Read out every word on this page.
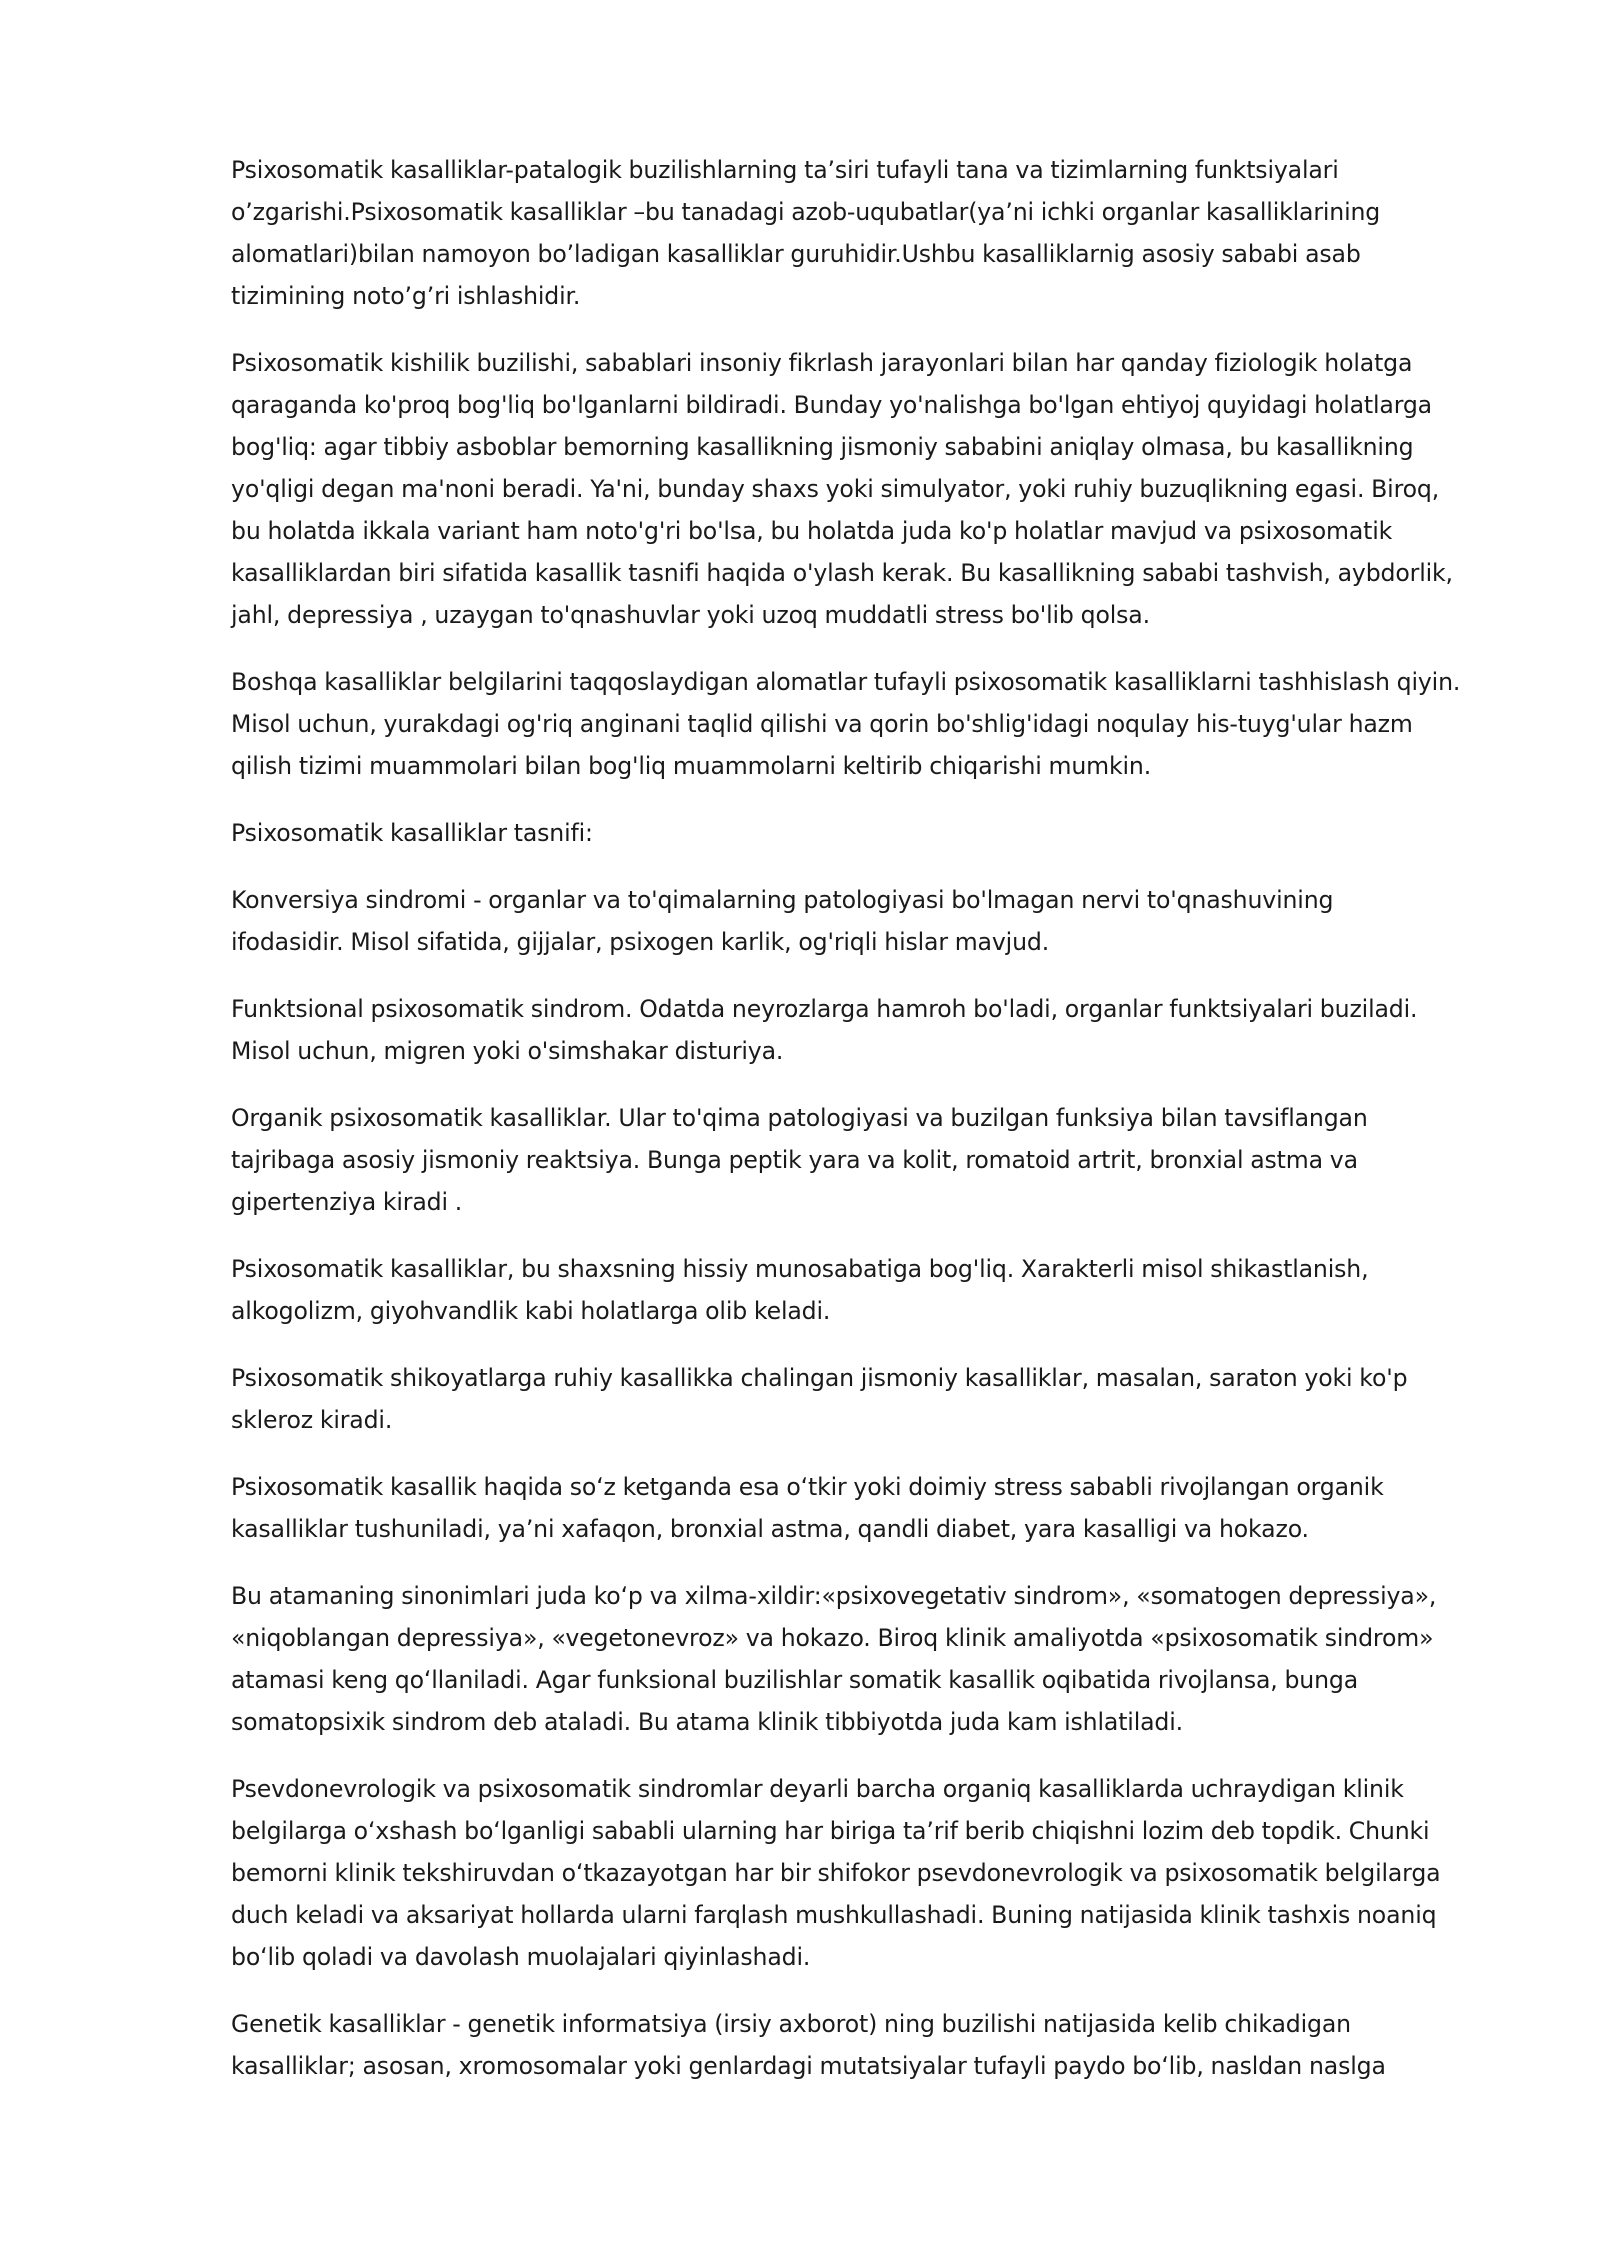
Psixosomatik kasalliklar-patalogik buzilishlarning ta’siri tufayli tana va tizimlarning funktsiyalari
o’zgarishi.Psixosomatik kasalliklar –bu tanadagi azob-uqubatlar(ya’ni ichki organlar kasalliklarining
alomatlari)bilan namoyon bo’ladigan kasalliklar guruhidir.Ushbu kasalliklarnig asosiy sababi asab
tizimining noto’g’ri ishlashidir.

Psixosomatik kishilik buzilishi, sabablari insoniy fikrlash jarayonlari bilan har qanday fiziologik holatga
qaraganda ko'proq bog'liq bo'lganlarni bildiradi. Bunday yo'nalishga bo'lgan ehtiyoj quyidagi holatlarga
bog'liq: agar tibbiy asboblar bemorning kasallikning jismoniy sababini aniqlay olmasa, bu kasallikning
yo'qligi degan ma'noni beradi. Ya'ni, bunday shaxs yoki simulyator, yoki ruhiy buzuqlikning egasi. Biroq,
bu holatda ikkala variant ham noto'g'ri bo'lsa, bu holatda juda ko'p holatlar mavjud va psixosomatik
kasalliklardan biri sifatida kasallik tasnifi haqida o'ylash kerak. Bu kasallikning sababi tashvish, aybdorlik,
jahl, depressiya , uzaygan to'qnashuvlar yoki uzoq muddatli stress bo'lib qolsa.

Boshqa kasalliklar belgilarini taqqoslaydigan alomatlar tufayli psixosomatik kasalliklarni tashhislash qiyin.
Misol uchun, yurakdagi og'riq anginani taqlid qilishi va qorin bo'shlig'idagi noqulay his-tuyg'ular hazm
qilish tizimi muammolari bilan bog'liq muammolarni keltirib chiqarishi mumkin.

Psixosomatik kasalliklar tasnifi:

Konversiya sindromi - organlar va to'qimalarning patologiyasi bo'lmagan nervi to'qnashuvining
ifodasidir. Misol sifatida, gijjalar, psixogen karlik, og'riqli hislar mavjud.

Funktsional psixosomatik sindrom. Odatda neyrozlarga hamroh bo'ladi, organlar funktsiyalari buziladi.
Misol uchun, migren yoki o'simshakar disturiya.

Organik psixosomatik kasalliklar. Ular to'qima patologiyasi va buzilgan funksiya bilan tavsiflangan
tajribaga asosiy jismoniy reaktsiya. Bunga peptik yara va kolit, romatoid artrit, bronxial astma va
gipertenziya kiradi .

Psixosomatik kasalliklar, bu shaxsning hissiy munosabatiga bog'liq. Xarakterli misol shikastlanish,
alkogolizm, giyohvandlik kabi holatlarga olib keladi.

Psixosomatik shikoyatlarga ruhiy kasallikka chalingan jismoniy kasalliklar, masalan, saraton yoki ko'p
skleroz kiradi.

Psixosomatik kasallik haqida soʻz ketganda esa oʻtkir yoki doimiy stress sababli rivojlangan organik
kasalliklar tushuniladi, yaʼni xafaqon, bronxial astma, qandli diabet, yara kasalligi va hokazo.

Bu atamaning sinonimlari juda koʻp va xilma-xildir:«psixovegetativ sindrom», «somatogen depressiya»,
«niqoblangan depressiya», «vegetonevroz» va hokazo. Biroq klinik amaliyotda «psixosomatik sindrom»
atamasi keng qoʻllaniladi. Agar funksional buzilishlar somatik kasallik oqibatida rivojlansa, bunga
somatopsixik sindrom deb ataladi. Bu atama klinik tibbiyotda juda kam ishlatiladi.

Psevdonevrologik va psixosomatik sindromlar deyarli barcha organiq kasalliklarda uchraydigan klinik
belgilarga oʻxshash boʻlganligi sababli ularning har biriga taʼrif berib chiqishni lozim deb topdik. Chunki
bemorni klinik tekshiruvdan oʻtkazayotgan har bir shifokor psevdonevrologik va psixosomatik belgilarga
duch keladi va aksariyat hollarda ularni farqlash mushkullashadi. Buning natijasida klinik tashxis noaniq
boʻlib qoladi va davolash muolajalari qiyinlashadi.

Genetik kasalliklar - genetik informatsiya (irsiy axborot) ning buzilishi natijasida kelib chikadigan
kasalliklar; asosan, xromosomalar yoki genlardagi mutatsiyalar tufayli paydo boʻlib, nasldan naslga
